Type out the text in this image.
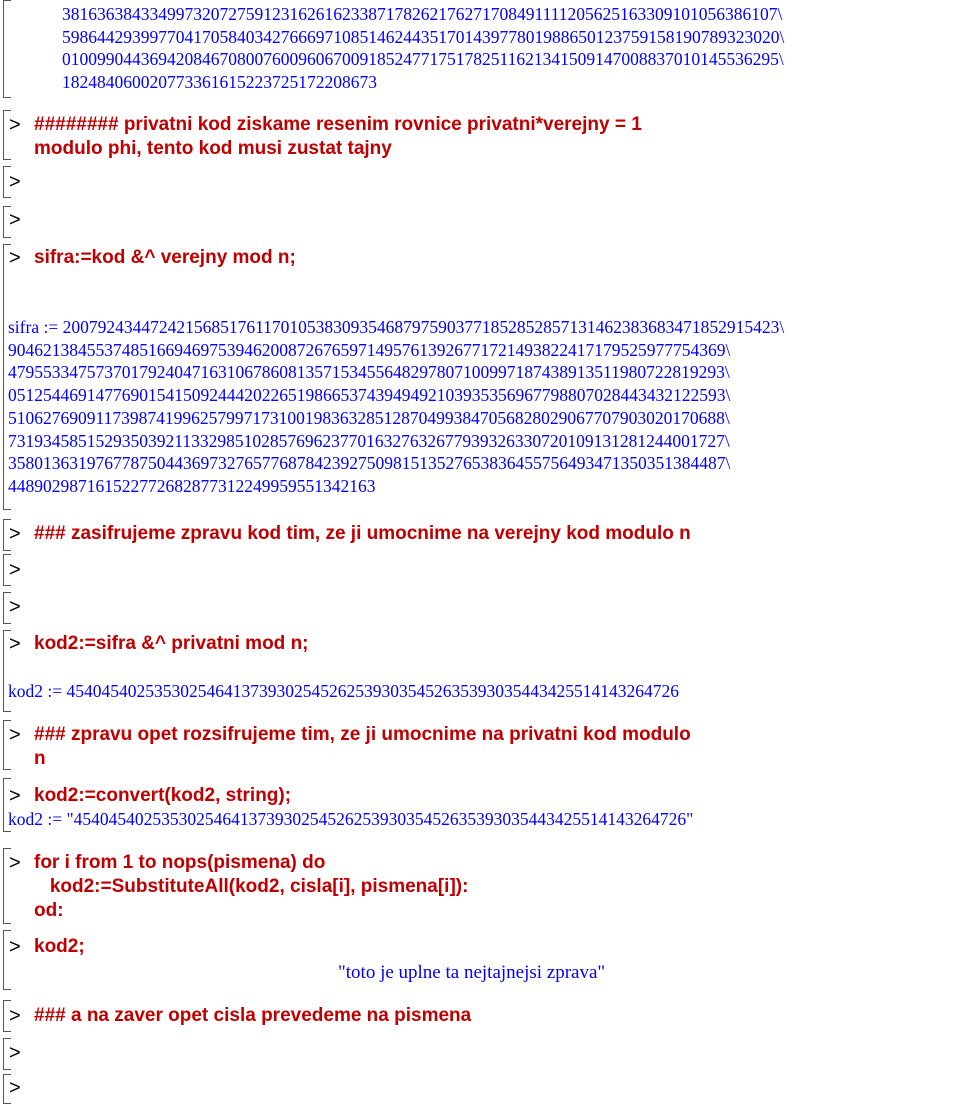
3816363843349973207275912316261623387178262176271708491111205625163309101056386107\
5986442939977041705840342766697108514624435170143977801988650123759158190789323020\
0100990443694208467080076009606700918524771751782511621341509147008837010145536295\
1824840600207733616152237251722​08673
> ######## privatni kod ziskame resenim rovnice privatni*verejny = 1
modulo phi, tento kod musi zustat tajny
>
>
> sifra:=kod &^ verejny mod n;
sifra := 2007924344724215685176117010538309354687975903771852852857131462383683471852915423\
9046213845537485166946975394620087267659714957613926771721493822417179525977754369\
4795533475737017924047163106786081357153455648297807100997187438913511980722819293\
0512544691477690154150924442022651986653743949492103935356967798807028443432122593\
5106276909117398741996257997173100198363285128704993847056828029067707903020170688\
7319345851529350392113329851028576962377016327632677939326330720109131281244001727\
3580136319767787504436973276577687842392750981513527653836455756493471350351384487\
448902987161522772682877312249959551342163
> ### zasifrujeme zpravu kod tim, ze ji umocnime na verejny kod modulo n
>
>
> kod2:=sifra &^ privatni mod n;
kod2 := 45404540253530254641373930254526253930354526353930354434255141432647​26
> ### zpravu opet rozsifrujeme tim, ze ji umocnime na privatni kod modulo
n
> kod2:=convert(kod2, string);
kod2 := "45404540253530254641373930254526253930354526353930354434255141432647​26"
> for i from 1 to nops(pismena) do
kod2:=SubstituteAll(kod2, cisla[i], pismena[i]):
od:
> kod2;
"toto je uplne ta nejtajnejsi zprava"
> ### a na zaver opet cisla prevedeme na pismena
>
>
